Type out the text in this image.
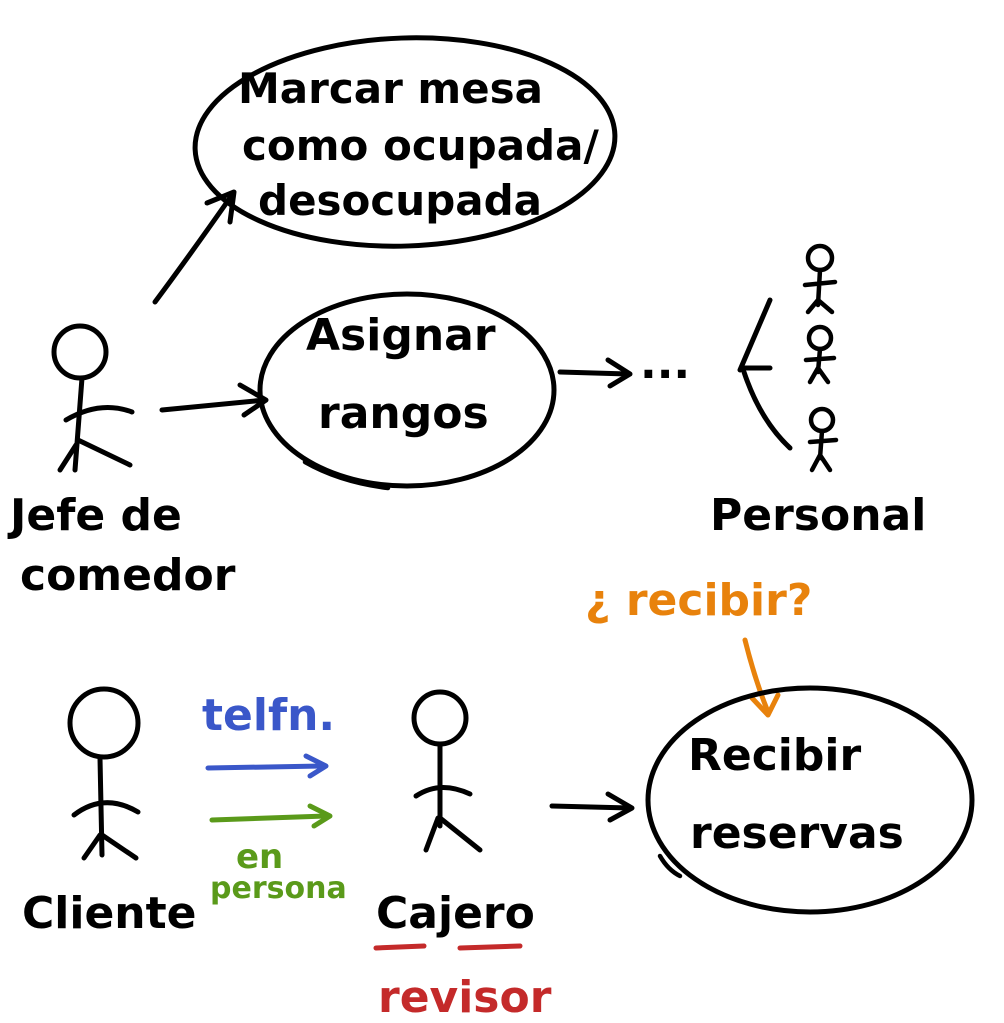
Marcar mesa
como ocupada/
desocupada
Asignar
rangos
...
Jefe de
comedor
Personal
¿ recibir?
Recibir
reservas
Cliente
telfn.
en
persona Cajero
revisor
